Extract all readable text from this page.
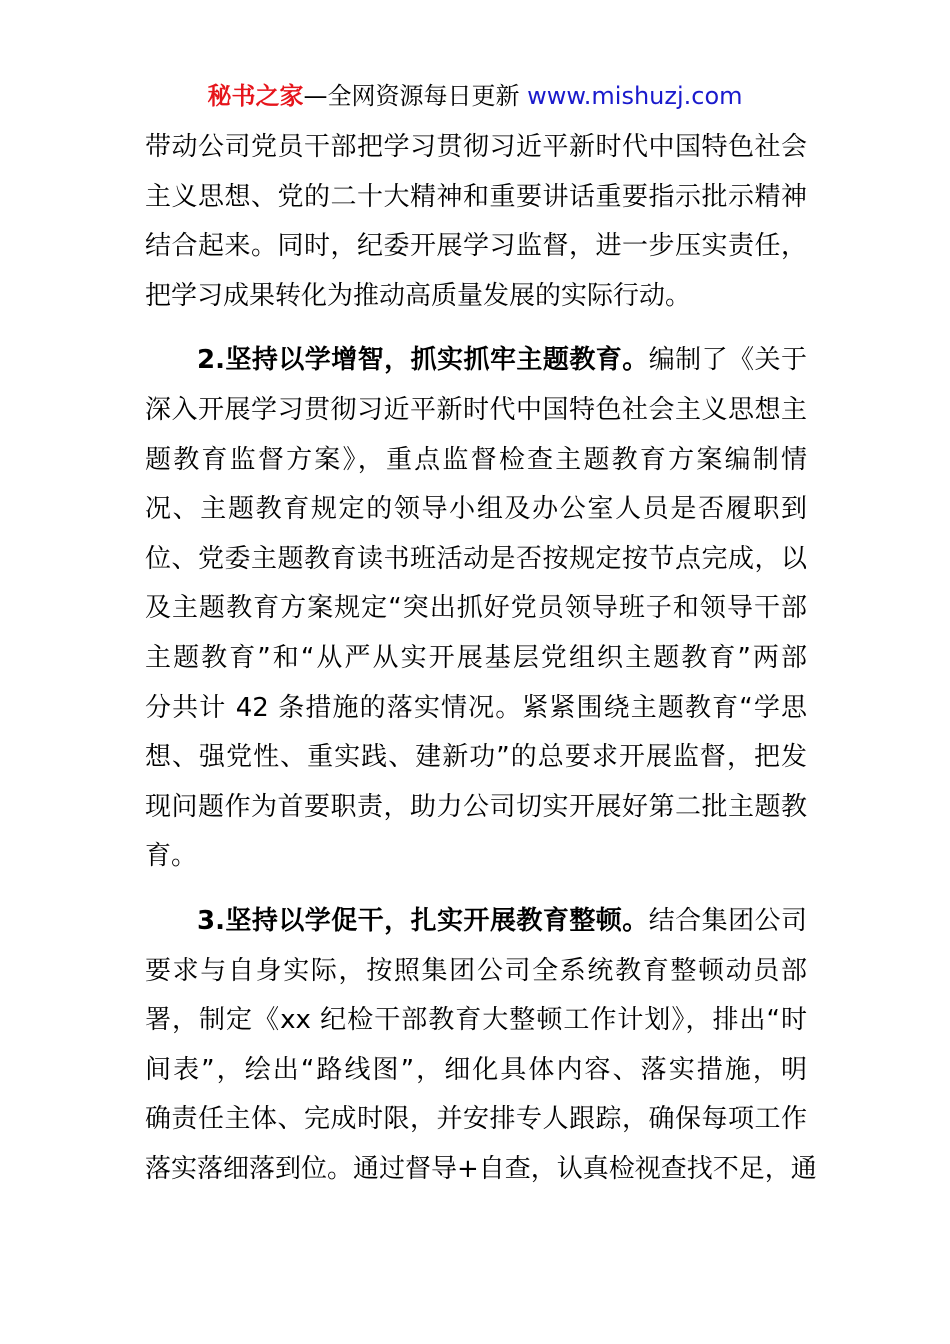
秘书之家—全网资源每日更新 www.mishuzj.com
带动公司党员干部把学习贯彻习近平新时代中国特色社会
主义思想、党的二十大精神和重要讲话重要指示批示精神
结合起来。同时，纪委开展学习监督，进一步压实责任，
把学习成果转化为推动高质量发展的实际行动。
2.坚持以学增智，抓实抓牢主题教育。编制了《关于
深入开展学习贯彻习近平新时代中国特色社会主义思想主
题教育监督方案》，重点监督检查主题教育方案编制情
况、主题教育规定的领导小组及办公室人员是否履职到
位、党委主题教育读书班活动是否按规定按节点完成，以
及主题教育方案规定“突出抓好党员领导班子和领导干部
主题教育”和“从严从实开展基层党组织主题教育”两部
分共计 42 条措施的落实情况。紧紧围绕主题教育“学思
想、强党性、重实践、建新功”的总要求开展监督，把发
现问题作为首要职责，助力公司切实开展好第二批主题教
育。
3.坚持以学促干，扎实开展教育整顿。结合集团公司
要求与自身实际，按照集团公司全系统教育整顿动员部
署，制定《xx 纪检干部教育大整顿工作计划》，排出“时
间表”，绘出“路线图”，细化具体内容、落实措施，明
确责任主体、完成时限，并安排专人跟踪，确保每项工作
落实落细落到位。通过督导+自查，认真检视查找不足，通
